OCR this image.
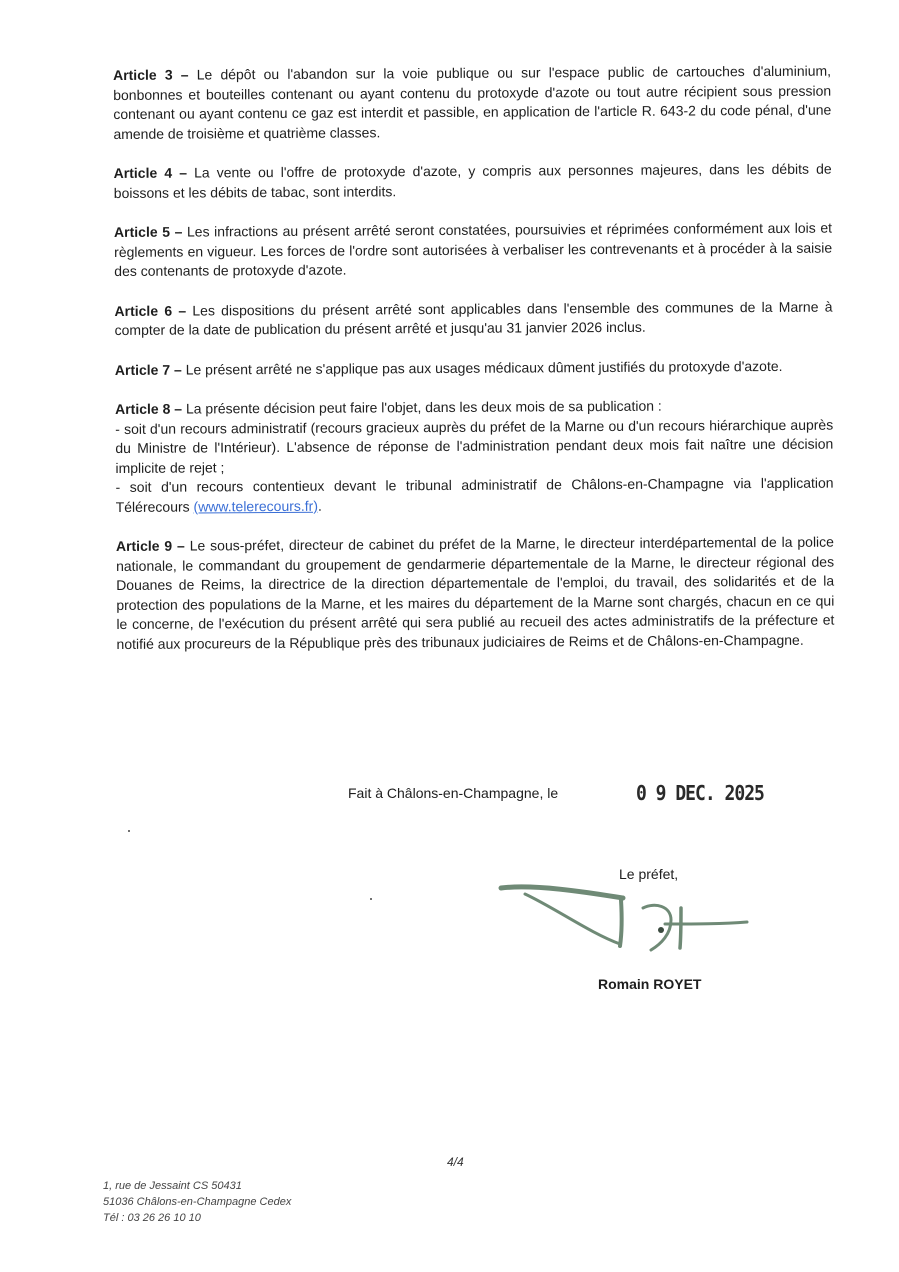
Article 3 – Le dépôt ou l'abandon sur la voie publique ou sur l'espace public de cartouches d'aluminium, bonbonnes et bouteilles contenant ou ayant contenu du protoxyde d'azote ou tout autre récipient sous pression contenant ou ayant contenu ce gaz est interdit et passible, en application de l'article R. 643-2 du code pénal, d'une amende de troisième et quatrième classes.

Article 4 – La vente ou l'offre de protoxyde d'azote, y compris aux personnes majeures, dans les débits de boissons et les débits de tabac, sont interdits.

Article 5 – Les infractions au présent arrêté seront constatées, poursuivies et réprimées conformément aux lois et règlements en vigueur. Les forces de l'ordre sont autorisées à verbaliser les contrevenants et à procéder à la saisie des contenants de protoxyde d'azote.

Article 6 – Les dispositions du présent arrêté sont applicables dans l'ensemble des communes de la Marne à compter de la date de publication du présent arrêté et jusqu'au 31 janvier 2026 inclus.

Article 7 – Le présent arrêté ne s'applique pas aux usages médicaux dûment justifiés du protoxyde d'azote.

Article 8 – La présente décision peut faire l'objet, dans les deux mois de sa publication :

- soit d'un recours administratif (recours gracieux auprès du préfet de la Marne ou d'un recours hiérarchique auprès du Ministre de l'Intérieur). L'absence de réponse de l'administration pendant deux mois fait naître une décision implicite de rejet ;

- soit d'un recours contentieux devant le tribunal administratif de Châlons-en-Champagne via l'application Télérecours (www.telerecours.fr).

Article 9 – Le sous-préfet, directeur de cabinet du préfet de la Marne, le directeur interdépartemental de la police nationale, le commandant du groupement de gendarmerie départementale de la Marne, le directeur régional des Douanes de Reims, la directrice de la direction départementale de l'emploi, du travail, des solidarités et de la protection des populations de la Marne, et les maires du département de la Marne sont chargés, chacun en ce qui le concerne, de l'exécution du présent arrêté qui sera publié au recueil des actes administratifs de la préfecture et notifié aux procureurs de la République près des tribunaux judiciaires de Reims et de Châlons-en-Champagne.

Fait à Châlons-en-Champagne, le	0 9 DEC. 2025
Le préfet,
Romain ROYET
4/4
1, rue de Jessaint CS 50431
51036 Châlons-en-Champagne Cedex
Tél : 03 26 26 10 10
